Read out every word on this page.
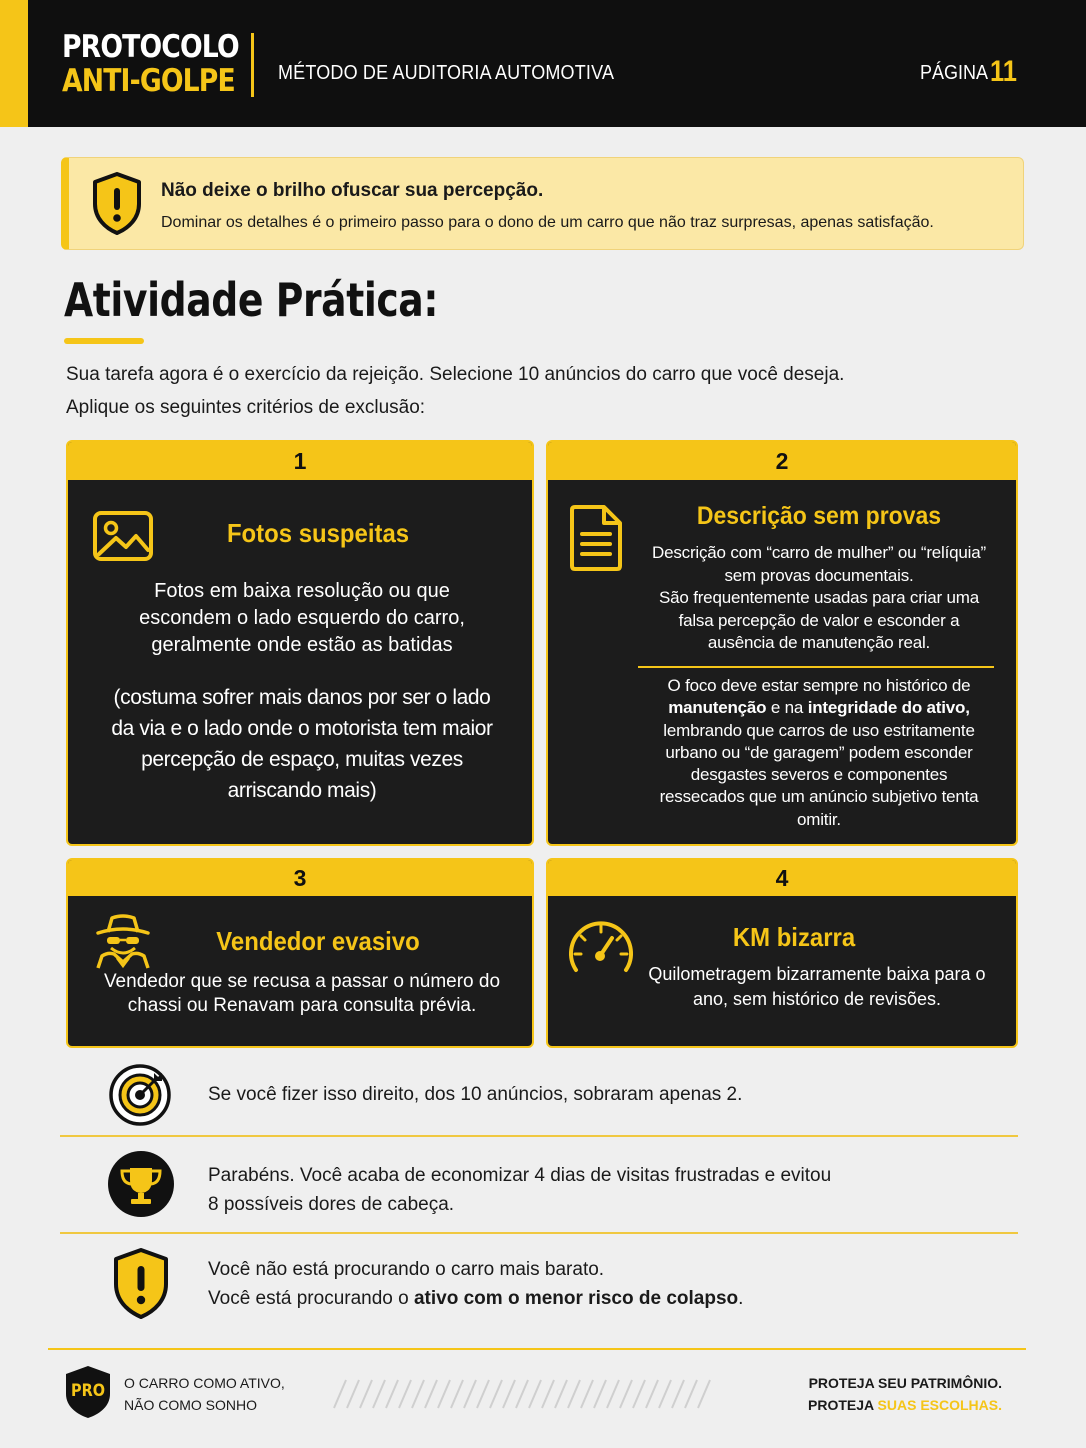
PROTOCOLO
ANTI-GOLPE MÉTODO DE AUDITORIA AUTOMOTIVA	PÁGINA 11
Não deixe o brilho ofuscar sua percepção.
Dominar os detalhes é o primeiro passo para o dono de um carro que não traz surpresas, apenas satisfação.
Atividade Prática:
Sua tarefa agora é o exercício da rejeição. Selecione 10 anúncios do carro que você deseja.
Aplique os seguintes critérios de exclusão:
1
Fotos suspeitas
Fotos em baixa resolução ou que
escondem o lado esquerdo do carro,
geralmente onde estão as batidas
(costuma sofrer mais danos por ser o lado
da via e o lado onde o motorista tem maior
percepção de espaço, muitas vezes
arriscando mais)
2
Descrição sem provas
Descrição com “carro de mulher” ou “relíquia”
sem provas documentais.
São frequentemente usadas para criar uma
falsa percepção de valor e esconder a
ausência de manutenção real.
O foco deve estar sempre no histórico de
manutenção e na integridade do ativo,
lembrando que carros de uso estritamente
urbano ou “de garagem” podem esconder
desgastes severos e componentes
ressecados que um anúncio subjetivo tenta
omitir.
3
Vendedor evasivo
Vendedor que se recusa a passar o número do
chassi ou Renavam para consulta prévia.
4
KM bizarra
Quilometragem bizarramente baixa para o
ano, sem histórico de revisões.
Se você fizer isso direito, dos 10 anúncios, sobraram apenas 2.
Parabéns. Você acaba de economizar 4 dias de visitas frustradas e evitou
8 possíveis dores de cabeça.
Você não está procurando o carro mais barato.
Você está procurando o ativo com o menor risco de colapso.
PRO O CARRO COMO ATIVO,
NÃO COMO SONHO
PROTEJA SEU PATRIMÔNIO.
PROTEJA SUAS ESCOLHAS.
